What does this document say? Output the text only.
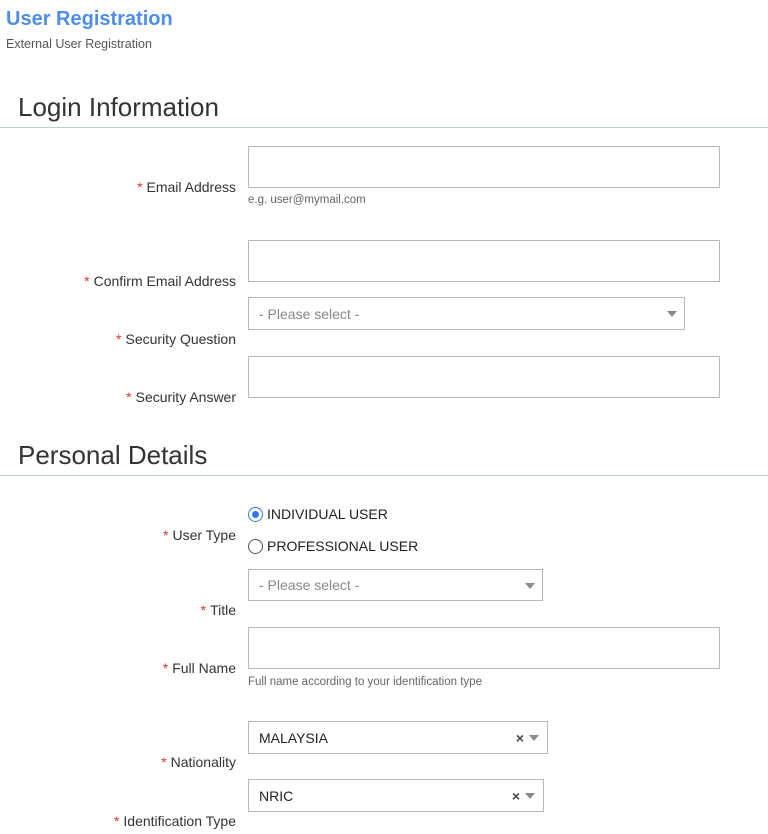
User Registration
External User Registration
Login Information
* Email Address
e.g. user@mymail.com
* Confirm Email Address
* Security Question
- Please select -
* Security Answer
Personal Details
* User Type
INDIVIDUAL USER
PROFESSIONAL USER
* Title
- Please select -
* Full Name
Full name according to your identification type
* Nationality
MALAYSIA	×
* Identification Type
NRIC	×
